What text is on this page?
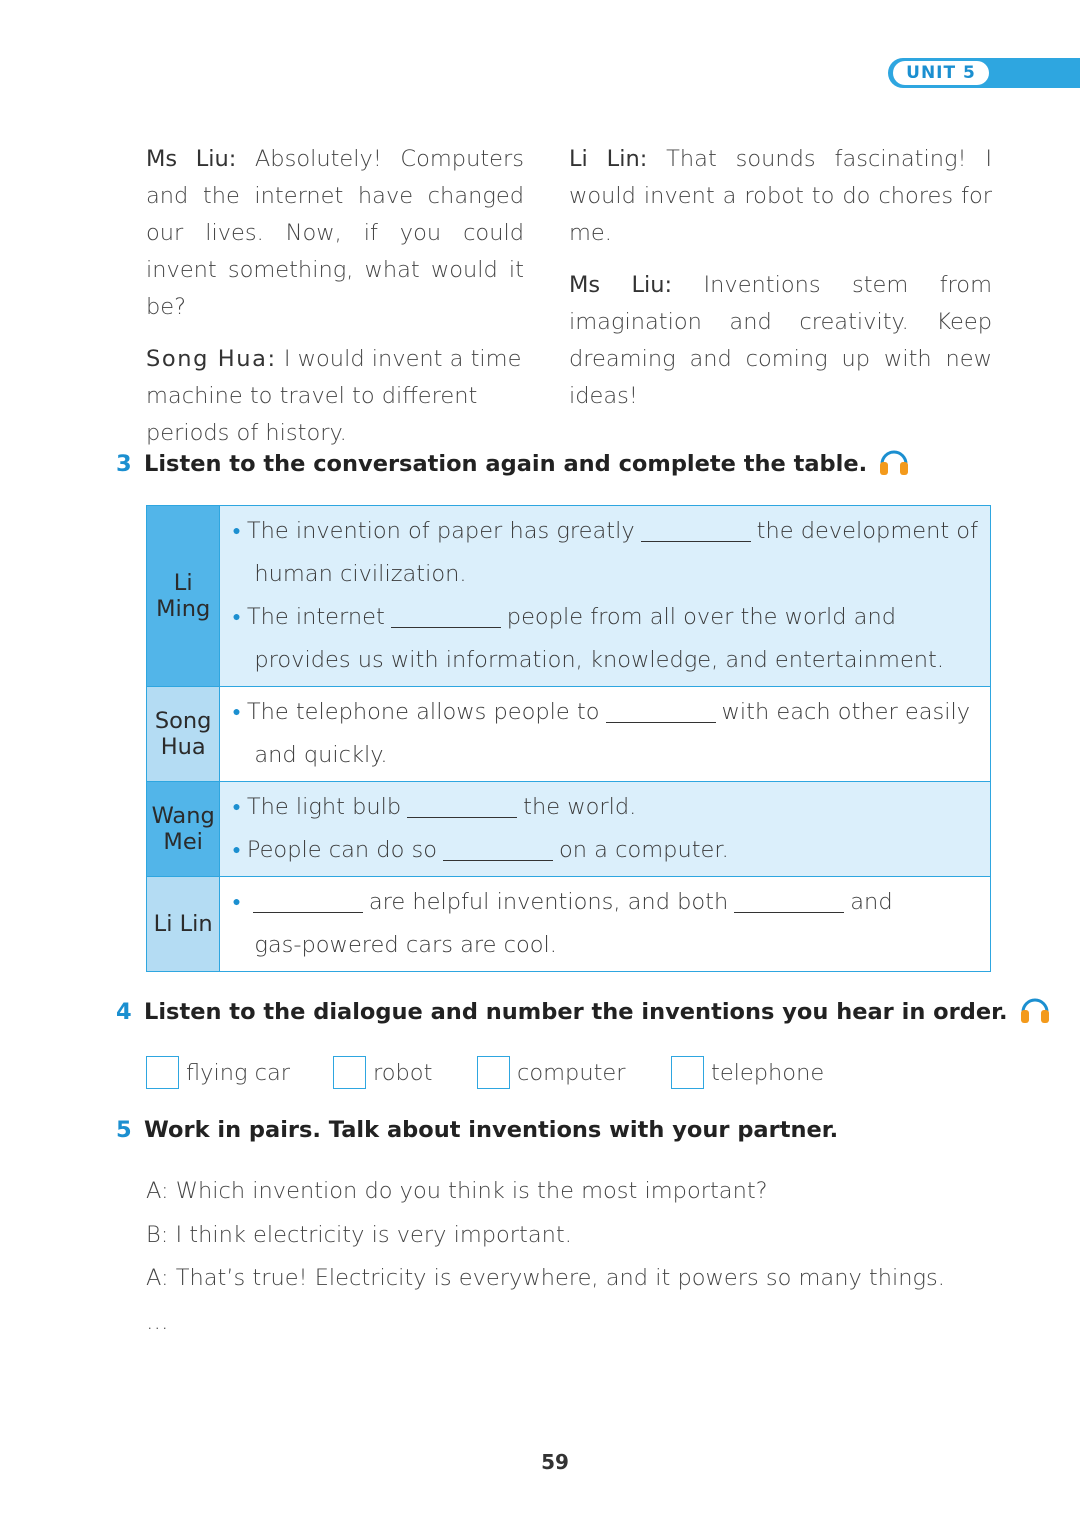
UNIT 5

Ms Liu: Absolutely! Computers and the internet have changed our lives. Now, if you could invent something, what would it be?

Song Hua: I would invent a time machine to travel to different periods of history.

Li Lin: That sounds fascinating! I would invent a robot to do chores for me.

Ms Liu: Inventions stem from imagination and creativity. Keep dreaming and coming up with new ideas!

3 Listen to the conversation again and complete the table.
Li Ming	● The invention of paper has greatly the development of
human civilization.
● The internet people from all over the world and
provides us with information, knowledge, and entertainment.

Song Hua	● The telephone allows people to with each other easily
and quickly.

Wang Mei	● The light bulb the world.
● People can do so on a computer.

Li Lin	● are helpful inventions, and both and
gas-powered cars are cool.
4 Listen to the dialogue and number the inventions you hear in order.
flying car	robot	computer	telephone
5 Work in pairs. Talk about inventions with your partner.
A: Which invention do you think is the most important?
B: I think electricity is very important.
A: That’s true! Electricity is everywhere, and it powers so many things.
…
59
